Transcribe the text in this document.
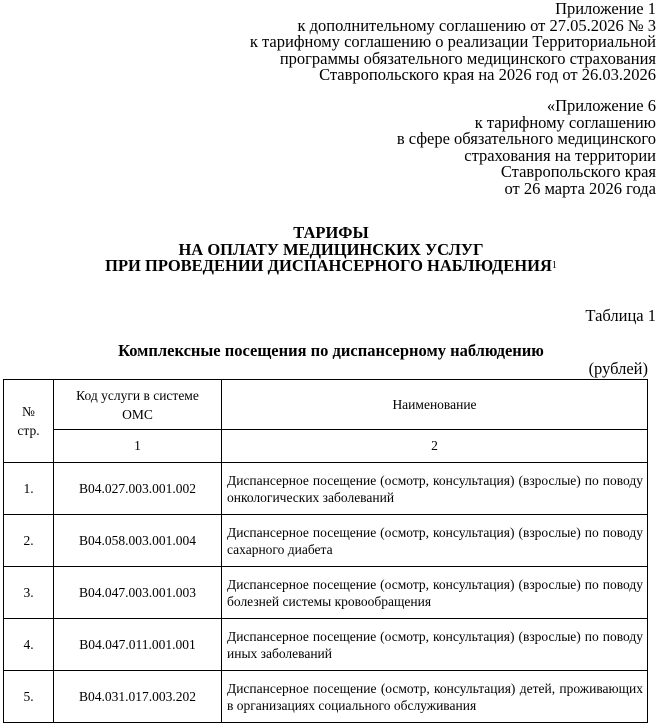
Приложение 1
к дополнительному соглашению от 27.05.2026 № 3
к тарифному соглашению о реализации Территориальной
программы обязательного медицинского страхования
Ставропольского края на 2026 год от 26.03.2026
«Приложение 6
к тарифному соглашению
в сфере обязательного медицинского
страхования на территории
Ставропольского края
от 26 марта 2026 года
ТАРИФЫ
НА ОПЛАТУ МЕДИЦИНСКИХ УСЛУГ
ПРИ ПРОВЕДЕНИИ ДИСПАНСЕРНОГО НАБЛЮДЕНИЯ$^1$
Таблица 1
Комплексные посещения по диспансерному наблюдению
(рублей)
№ стр.	Код услуги в системе ОМС	Наименование
	1	2
1.	B04.027.003.001.002	Диспансерное посещение (осмотр, консультация) (взрослые) по поводу онкологических заболеваний
2.	B04.058.003.001.004	Диспансерное посещение (осмотр, консультация) (взрослые) по поводу сахарного диабета
3.	B04.047.003.001.003	Диспансерное посещение (осмотр, консультация) (взрослые) по поводу болезней системы кровообращения
4.	B04.047.011.001.001	Диспансерное посещение (осмотр, консультация) (взрослые) по поводу иных заболеваний
5.	B04.031.017.003.202	Диспансерное посещение (осмотр, консультация) детей, проживающих в организациях социального обслуживания
